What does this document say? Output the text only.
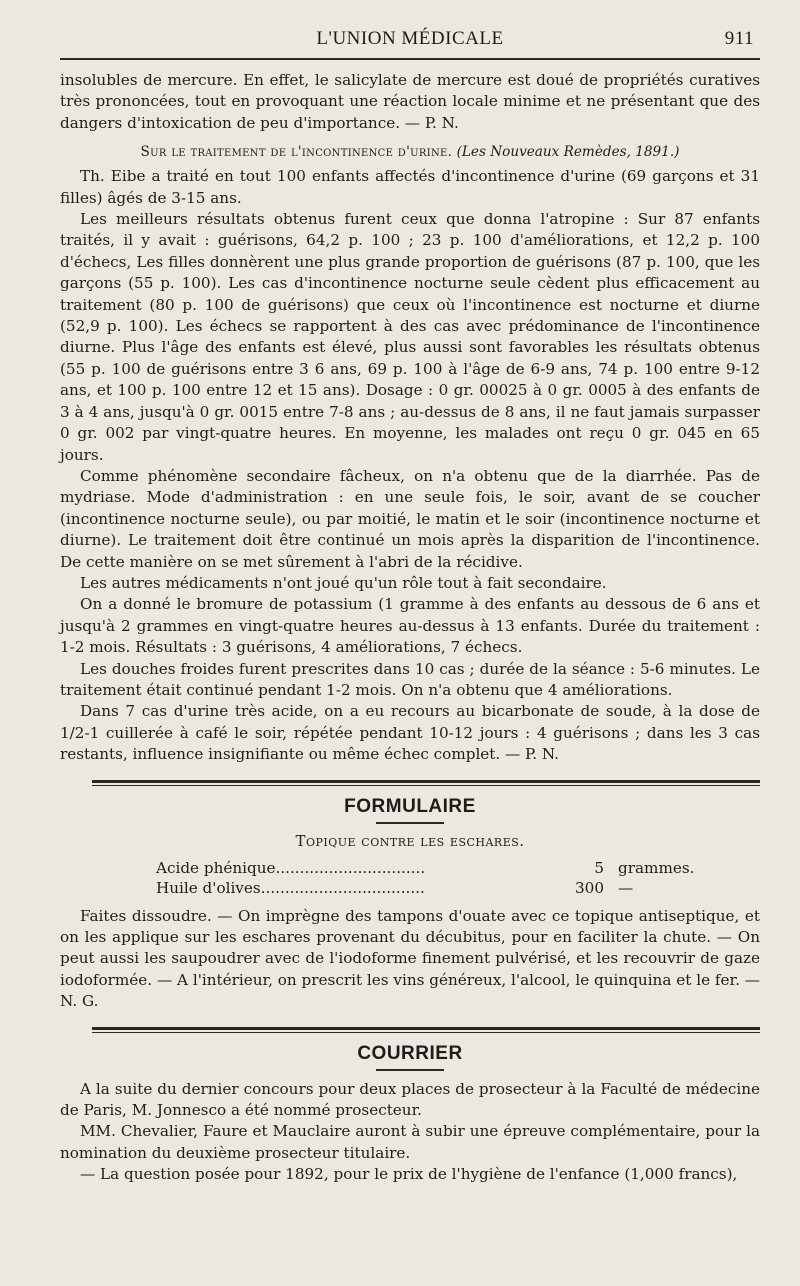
L'UNION MÉDICALE	911

insolubles de mercure. En effet, le salicylate de mercure est doué de propriétés curatives très prononcées, tout en provoquant une réaction locale minime et ne présentant que des dangers d'intoxication de peu d'importance. — P. N.

Sur le traitement de l'incontinence d'urine. (Les Nouveaux Remèdes, 1891.)

Th. Eibe a traité en tout 100 enfants affectés d'incontinence d'urine (69 garçons et 31 filles) âgés de 3-15 ans.

Les meilleurs résultats obtenus furent ceux que donna l'atropine : Sur 87 enfants traités, il y avait : guérisons, 64,2 p. 100 ; 23 p. 100 d'améliorations, et 12,2 p. 100 d'échecs, Les filles donnèrent une plus grande proportion de guérisons (87 p. 100, que les garçons (55 p. 100). Les cas d'incontinence nocturne seule cèdent plus efficacement au traitement (80 p. 100 de guérisons) que ceux où l'incontinence est nocturne et diurne (52,9 p. 100). Les échecs se rapportent à des cas avec prédominance de l'incontinence diurne. Plus l'âge des enfants est élevé, plus aussi sont favorables les résultats obtenus (55 p. 100 de guérisons entre 3 6 ans, 69 p. 100 à l'âge de 6-9 ans, 74 p. 100 entre 9-12 ans, et 100 p. 100 entre 12 et 15 ans). Dosage : 0 gr. 00025 à 0 gr. 0005 à des enfants de 3 à 4 ans, jusqu'à 0 gr. 0015 entre 7-8 ans ; au-dessus de 8 ans, il ne faut jamais surpasser 0 gr. 002 par vingt-quatre heures. En moyenne, les malades ont reçu 0 gr. 045 en 65 jours.

Comme phénomène secondaire fâcheux, on n'a obtenu que de la diarrhée. Pas de mydriase. Mode d'administration : en une seule fois, le soir, avant de se coucher (incontinence nocturne seule), ou par moitié, le matin et le soir (incontinence nocturne et diurne). Le traitement doit être continué un mois après la disparition de l'incontinence. De cette manière on se met sûrement à l'abri de la récidive.

Les autres médicaments n'ont joué qu'un rôle tout à fait secondaire.

On a donné le bromure de potassium (1 gramme à des enfants au dessous de 6 ans et jusqu'à 2 grammes en vingt-quatre heures au-dessus à 13 enfants. Durée du traitement : 1-2 mois. Résultats : 3 guérisons, 4 améliorations, 7 échecs.

Les douches froides furent prescrites dans 10 cas ; durée de la séance : 5-6 minutes. Le traitement était continué pendant 1-2 mois. On n'a obtenu que 4 améliorations.

Dans 7 cas d'urine très acide, on a eu recours au bicarbonate de soude, à la dose de 1/2-1 cuillerée à café le soir, répétée pendant 10-12 jours : 4 guérisons ; dans les 3 cas restants, influence insignifiante ou même échec complet. — P. N.

FORMULAIRE
Topique contre les eschares.
Acide phénique...............................	5	grammes.
Huile d'olives..................................	300	—

Faites dissoudre. — On imprègne des tampons d'ouate avec ce topique antiseptique, et on les applique sur les eschares provenant du décubitus, pour en faciliter la chute. — On peut aussi les saupoudrer avec de l'iodoforme finement pulvérisé, et les recouvrir de gaze iodoformée. — A l'intérieur, on prescrit les vins généreux, l'alcool, le quinquina et le fer. — N. G.

COURRIER

A la suite du dernier concours pour deux places de prosecteur à la Faculté de médecine de Paris, M. Jonnesco a été nommé prosecteur.

MM. Chevalier, Faure et Mauclaire auront à subir une épreuve complémentaire, pour la nomination du deuxième prosecteur titulaire.

— La question posée pour 1892, pour le prix de l'hygiène de l'enfance (1,000 francs),
